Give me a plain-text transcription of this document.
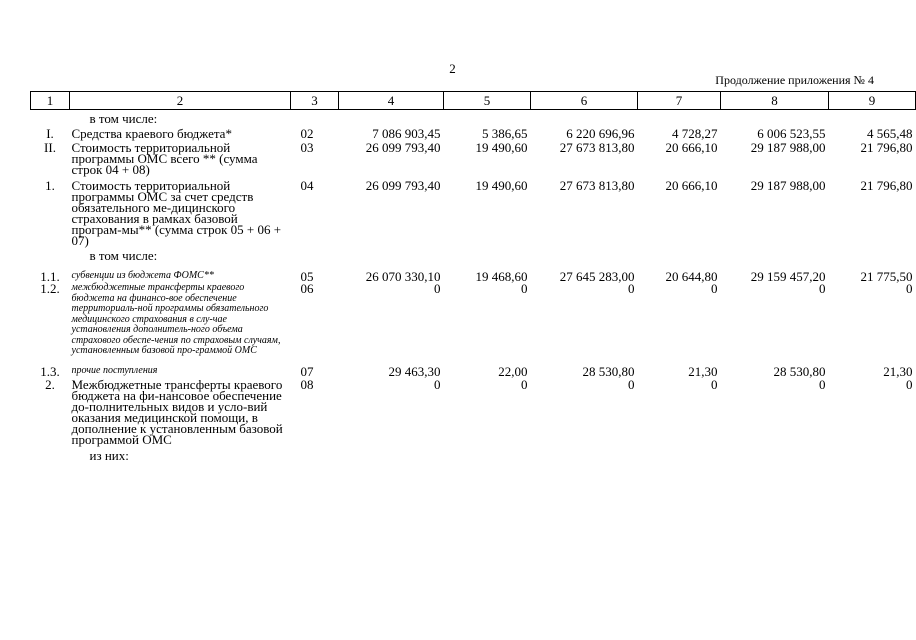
2
Продолжение приложения № 4
1	2	3	4	5	6	7	8	9
	в том числе:							
I.	Средства краевого бюджета*	02	7 086 903,45	5 386,65	6 220 696,96	4 728,27	6 006 523,55	4 565,48
II.	Стоимость территориальной программы ОМС всего ** (сумма строк 04 + 08)	03	26 099 793,40	19 490,60	27 673 813,80	20 666,10	29 187 988,00	21 796,80
1.	Стоимость территориальной программы ОМС за счет средств обязательного ме-дицинского страхования в рамках базовой програм-мы** (сумма строк 05 + 06 + 07)	04	26 099 793,40	19 490,60	27 673 813,80	20 666,10	29 187 988,00	21 796,80
	в том числе:							
1.1.	субвенции из бюджета ФОМС**	05	26 070 330,10	19 468,60	27 645 283,00	20 644,80	29 159 457,20	21 775,50
1.2.	межбюджетные трансферты краевого бюджета на финансо-вое обеспечение территориаль-ной программы обязательного медицинского страхования в слу-чае установления дополнитель-ного объема страхового обеспе-чения по страховым случаям, установленным базовой про-граммой ОМС	06	0	0	0	0	0	0
1.3.	прочие поступления	07	29 463,30	22,00	28 530,80	21,30	28 530,80	21,30
2.	Межбюджетные трансферты краевого бюджета на фи-нансовое обеспечение до-полнительных видов и усло-вий оказания медицинской помощи, в дополнение к установленным базовой программой ОМС	08	0	0	0	0	0	0
	из них:							
